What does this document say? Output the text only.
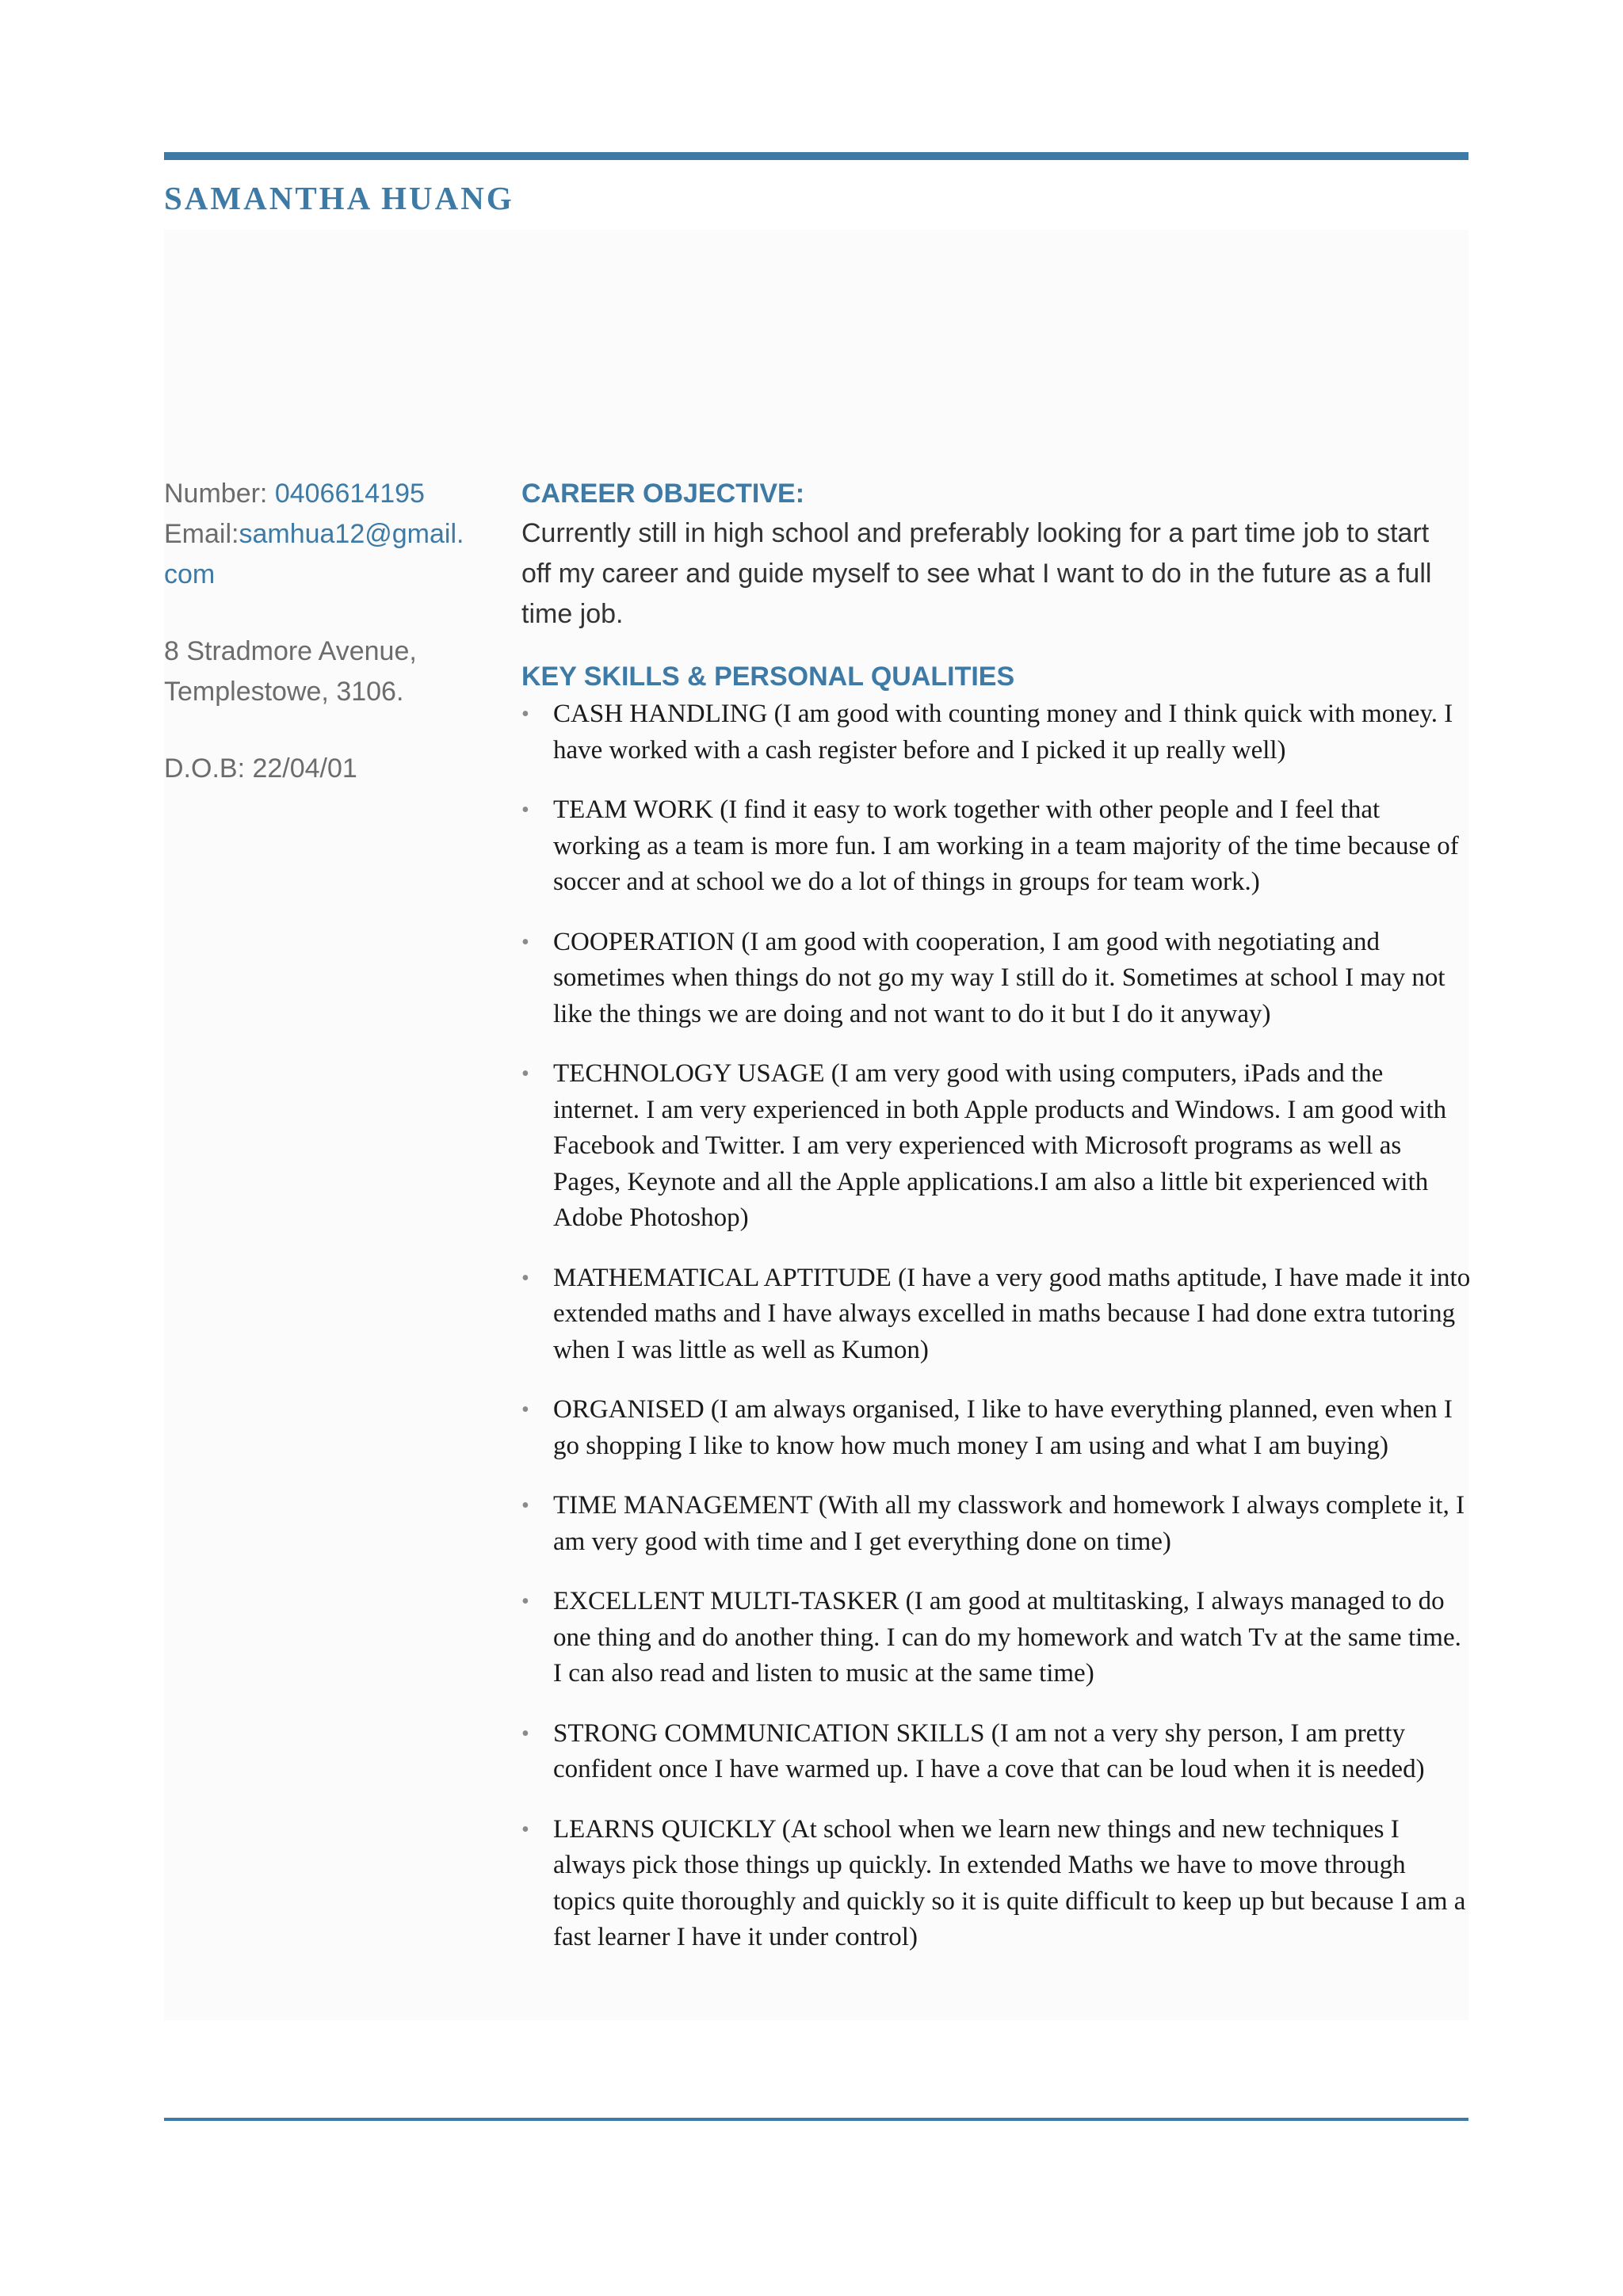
SAMANTHA HUANG

Number: 0406614195

Email:samhua12@gmail.

com

8 Stradmore Avenue,

Templestowe, 3106.

D.O.B: 22/04/01

CAREER OBJECTIVE:

Currently still in high school and preferably looking for a part time job to start off my career and guide myself to see what I want to do in the future as a full time job.

KEY SKILLS & PERSONAL QUALITIES
• CASH HANDLING (I am good with counting money and I think quick with money. I have worked with a cash register before and I picked it up really well)
• TEAM WORK (I find it easy to work together with other people and I feel that working as a team is more fun. I am working in a team majority of the time because of soccer and at school we do a lot of things in groups for team work.)
• COOPERATION (I am good with cooperation, I am good with negotiating and sometimes when things do not go my way I still do it. Sometimes at school I may not like the things we are doing and not want to do it but I do it anyway)
• TECHNOLOGY USAGE (I am very good with using computers, iPads and the internet. I am very experienced in both Apple products and Windows. I am good with Facebook and Twitter. I am very experienced with Microsoft programs as well as Pages, Keynote and all the Apple applications.I am also a little bit experienced with Adobe Photoshop)
• MATHEMATICAL APTITUDE (I have a very good maths aptitude, I have made it into extended maths and I have always excelled in maths because I had done extra tutoring when I was little as well as Kumon)
• ORGANISED (I am always organised, I like to have everything planned, even when I go shopping I like to know how much money I am using and what I am buying)
• TIME MANAGEMENT (With all my classwork and homework I always complete it, I am very good with time and I get everything done on time)
• EXCELLENT MULTI-TASKER (I am good at multitasking, I always managed to do one thing and do another thing. I can do my homework and watch Tv at the same time. I can also read and listen to music at the same time)
• STRONG COMMUNICATION SKILLS (I am not a very shy person, I am pretty confident once I have warmed up. I have a cove that can be loud when it is needed)
• LEARNS QUICKLY (At school when we learn new things and new techniques I always pick those things up quickly. In extended Maths we have to move through topics quite thoroughly and quickly so it is quite difficult to keep up but because I am a fast learner I have it under control)
